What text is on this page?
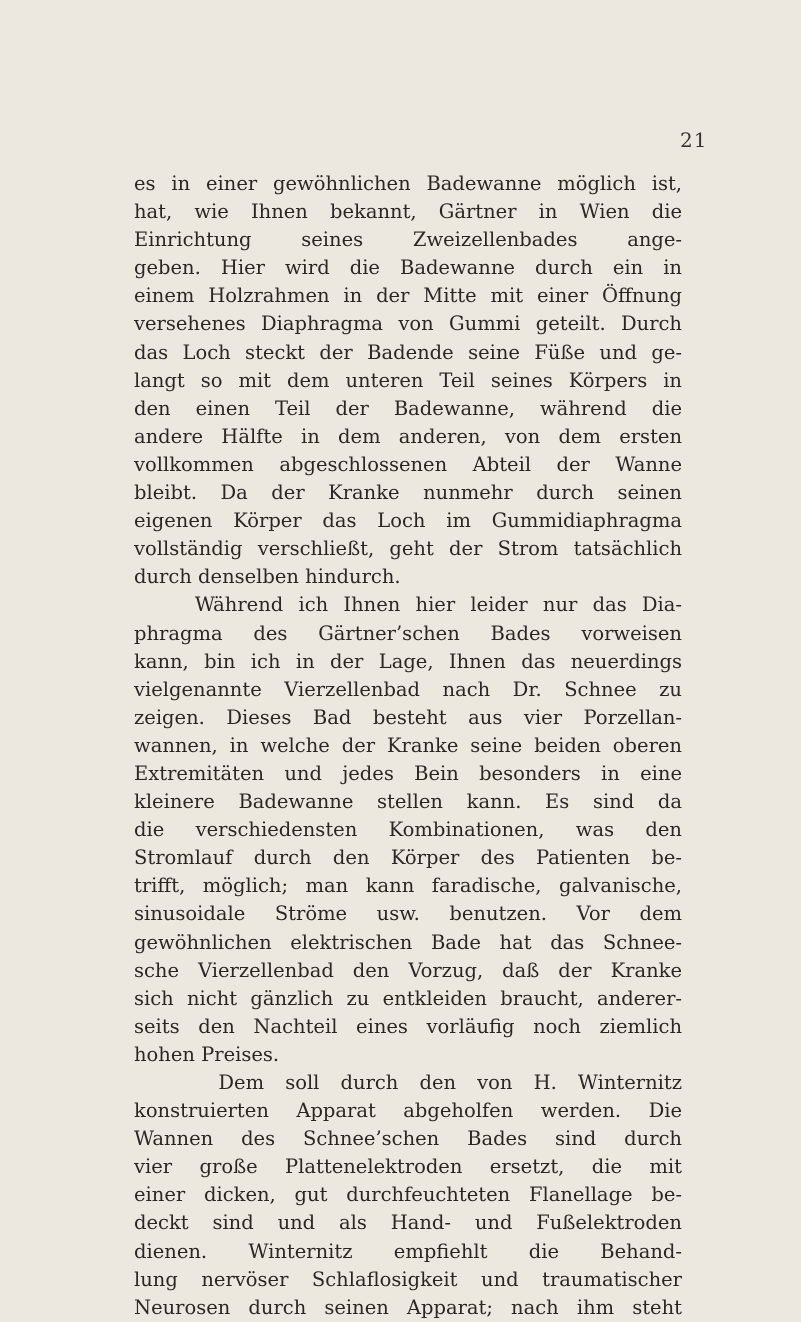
21
es in einer gewöhnlichen Badewanne möglich ist,
hat, wie Ihnen bekannt, Gärtner in Wien die
Einrichtung seines Zweizellenbades ange-
geben. Hier wird die Badewanne durch ein in
einem Holzrahmen in der Mitte mit einer Öffnung
versehenes Diaphragma von Gummi geteilt. Durch
das Loch steckt der Badende seine Füße und ge-
langt so mit dem unteren Teil seines Körpers in
den einen Teil der Badewanne, während die
andere Hälfte in dem anderen, von dem ersten
vollkommen abgeschlossenen Abteil der Wanne
bleibt. Da der Kranke nunmehr durch seinen
eigenen Körper das Loch im Gummidiaphragma
vollständig verschließt, geht der Strom tatsächlich
durch denselben hindurch.
Während ich Ihnen hier leider nur das Dia-
phragma des Gärtner’schen Bades vorweisen
kann, bin ich in der Lage, Ihnen das neuerdings
vielgenannte Vierzellenbad nach Dr. Schnee zu
zeigen. Dieses Bad besteht aus vier Porzellan-
wannen, in welche der Kranke seine beiden oberen
Extremitäten und jedes Bein besonders in eine
kleinere Badewanne stellen kann. Es sind da
die verschiedensten Kombinationen, was den
Stromlauf durch den Körper des Patienten be-
trifft, möglich; man kann faradische, galvanische,
sinusoidale Ströme usw. benutzen. Vor dem
gewöhnlichen elektrischen Bade hat das Schnee-
sche Vierzellenbad den Vorzug, daß der Kranke
sich nicht gänzlich zu entkleiden braucht, anderer-
seits den Nachteil eines vorläufig noch ziemlich
hohen Preises.
Dem soll durch den von H. Winternitz
konstruierten Apparat abgeholfen werden. Die
Wannen des Schnee’schen Bades sind durch
vier große Plattenelektroden ersetzt, die mit
einer dicken, gut durchfeuchteten Flanellage be-
deckt sind und als Hand- und Fußelektroden
dienen. Winternitz empfiehlt die Behand-
lung nervöser Schlaflosigkeit und traumatischer
Neurosen durch seinen Apparat; nach ihm steht
